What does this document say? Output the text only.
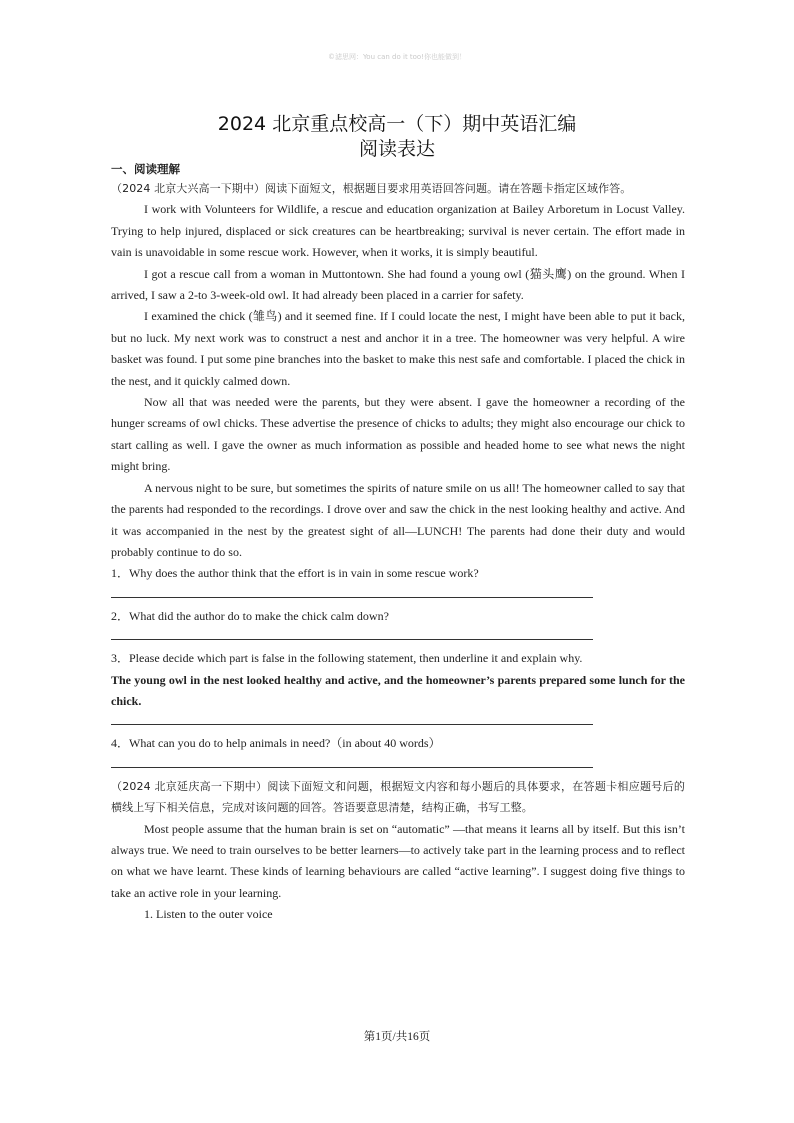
©滤思网：You can do it too!你也能做到！
2024 北京重点校高一（下）期中英语汇编
阅读表达
一、阅读理解

（2024 北京大兴高一下期中）阅读下面短文，根据题目要求用英语回答问题。请在答题卡指定区域作答。

I work with Volunteers for Wildlife, a rescue and education organization at Bailey Arboretum in Locust Valley. Trying to help injured, displaced or sick creatures can be heartbreaking; survival is never certain. The effort made in vain is unavoidable in some rescue work. However, when it works, it is simply beautiful.

I got a rescue call from a woman in Muttontown. She had found a young owl (猫头鹰) on the ground. When I arrived, I saw a 2-to 3-week-old owl. It had already been placed in a carrier for safety.

I examined the chick (雏鸟) and it seemed fine. If I could locate the nest, I might have been able to put it back, but no luck. My next work was to construct a nest and anchor it in a tree. The homeowner was very helpful. A wire basket was found. I put some pine branches into the basket to make this nest safe and comfortable. I placed the chick in the nest, and it quickly calmed down.

Now all that was needed were the parents, but they were absent. I gave the homeowner a recording of the hunger screams of owl chicks. These advertise the presence of chicks to adults; they might also encourage our chick to start calling as well. I gave the owner as much information as possible and headed home to see what news the night might bring.

A nervous night to be sure, but sometimes the spirits of nature smile on us all! The homeowner called to say that the parents had responded to the recordings. I drove over and saw the chick in the nest looking healthy and active. And it was accompanied in the nest by the greatest sight of all—LUNCH! The parents had done their duty and would probably continue to do so.

1．Why does the author think that the effort is in vain in some rescue work?

2．What did the author do to make the chick calm down?

3．Please decide which part is false in the following statement, then underline it and explain why.

The young owl in the nest looked healthy and active, and the homeowner’s parents prepared some lunch for the chick.

4．What can you do to help animals in need?（in about 40 words）

（2024 北京延庆高一下期中）阅读下面短文和问题，根据短文内容和每小题后的具体要求，在答题卡相应题号后的横线上写下相关信息，完成对该问题的回答。答语要意思清楚，结构正确，书写工整。

Most people assume that the human brain is set on “automatic” —that means it learns all by itself. But this isn’t always true. We need to train ourselves to be better learners—to actively take part in the learning process and to reflect on what we have learnt. These kinds of learning behaviours are called “active learning”. I suggest doing five things to take an active role in your learning.

1. Listen to the outer voice

第1页/共16页
